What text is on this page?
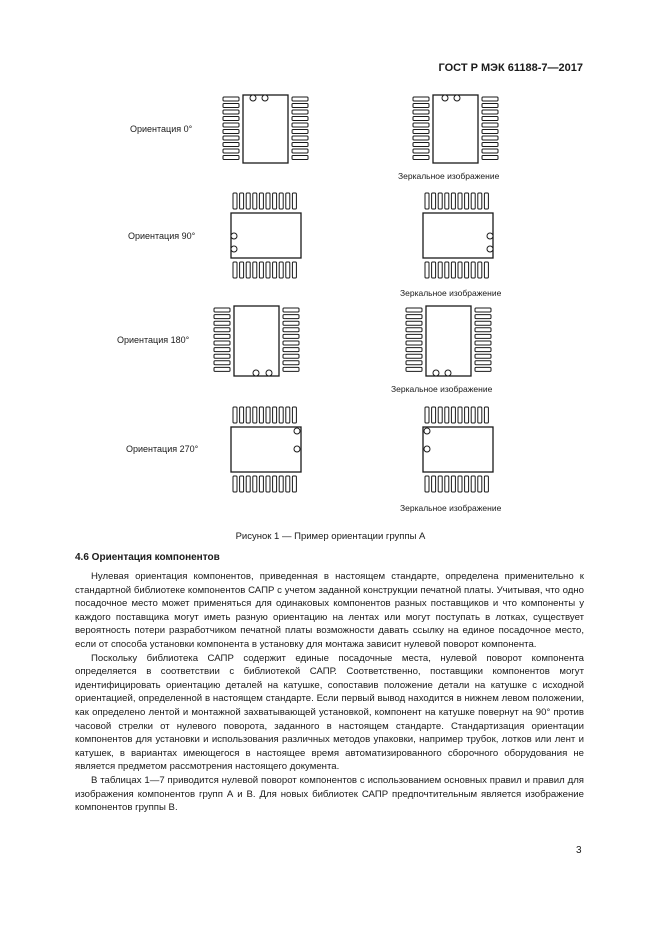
ГОСТ Р МЭК 61188-7—2017
Ориентация 0°
Зеркальное изображение
Ориентация 90°
Зеркальное изображение
Ориентация 180°
Зеркальное изображение
Ориентация 270°
Зеркальное изображение
Рисунок 1 — Пример ориентации группы А
4.6 Ориентация компонентов

Нулевая ориентация компонентов, приведенная в настоящем стандарте, определена применительно к стандартной библиотеке компонентов САПР с учетом заданной конструкции печатной платы. Учитывая, что одно посадочное место может применяться для одинаковых компонентов разных поставщиков и что компоненты у каждого поставщика могут иметь разную ориентацию на лентах или могут поступать в лотках, существует вероятность потери разработчиком печатной платы возможности давать ссылку на единое посадочное место, если от способа установки компонента в установку для монтажа зависит нулевой поворот компонента.

Поскольку библиотека САПР содержит единые посадочные места, нулевой поворот компонента определяется в соответствии с библиотекой САПР. Соответственно, поставщики компонентов могут идентифицировать ориентацию деталей на катушке, сопоставив положение детали на катушке с исходной ориентацией, определенной в настоящем стандарте. Если первый вывод находится в нижнем левом положении, как определено лентой и монтажной захватывающей установкой, компонент на катушке повернут на 90° против часовой стрелки от нулевого поворота, заданного в настоящем стандарте. Стандартизация ориентации компонентов для установки и использования различных методов упаковки, например трубок, лотков или лент и катушек, в вариантах имеющегося в настоящее время автоматизированного сборочного оборудования не является предметом рассмотрения настоящего документа.

В таблицах 1—7 приводится нулевой поворот компонентов с использованием основных правил и правил для изображения компонентов групп А и В. Для новых библиотек САПР предпочтительным является изображение компонентов группы В.

3
